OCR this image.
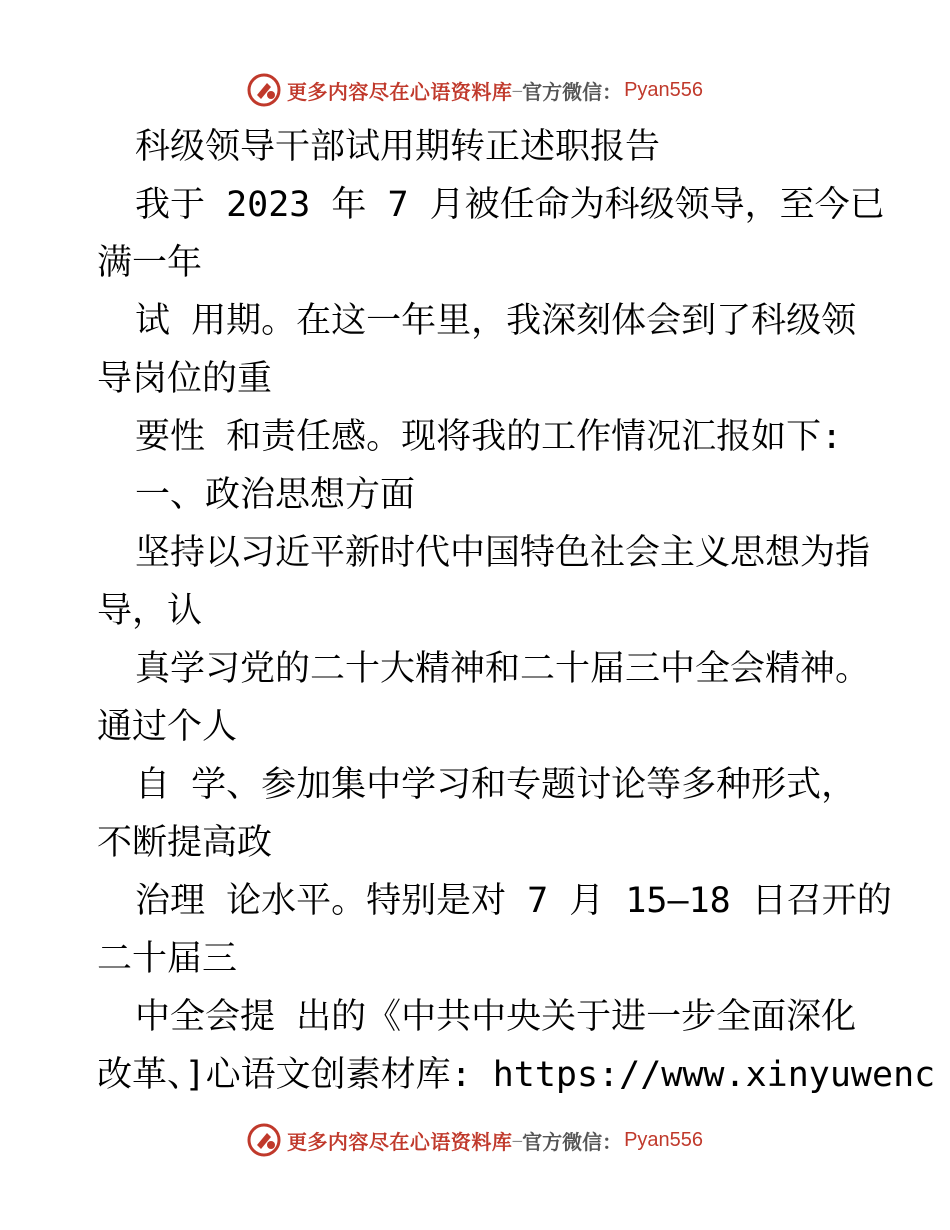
更多内容尽在心语资料库 — 官方微信： Pyan556
科级领导干部试用期转正述职报告
我于 2023 年 7 月被任命为科级领导，至今已
满一年
试 用期。在这一年里，我深刻体会到了科级领
导岗位的重
要性 和责任感。现将我的工作情况汇报如下:
一、政治思想方面
坚持以习近平新时代中国特色社会主义思想为指
导，认
真学习党的二十大精神和二十届三中全会精神。
通过个人
自 学、参加集中学习和专题讨论等多种形式，
不断提高政
治理 论水平。特别是对 7 月 15—18 日召开的
二十届三
中全会提 出的《中共中央关于进一步全面深化
改革、]心语文创素材库: https://www.xinyuwenc
更多内容尽在心语资料库 — 官方微信： Pyan556
